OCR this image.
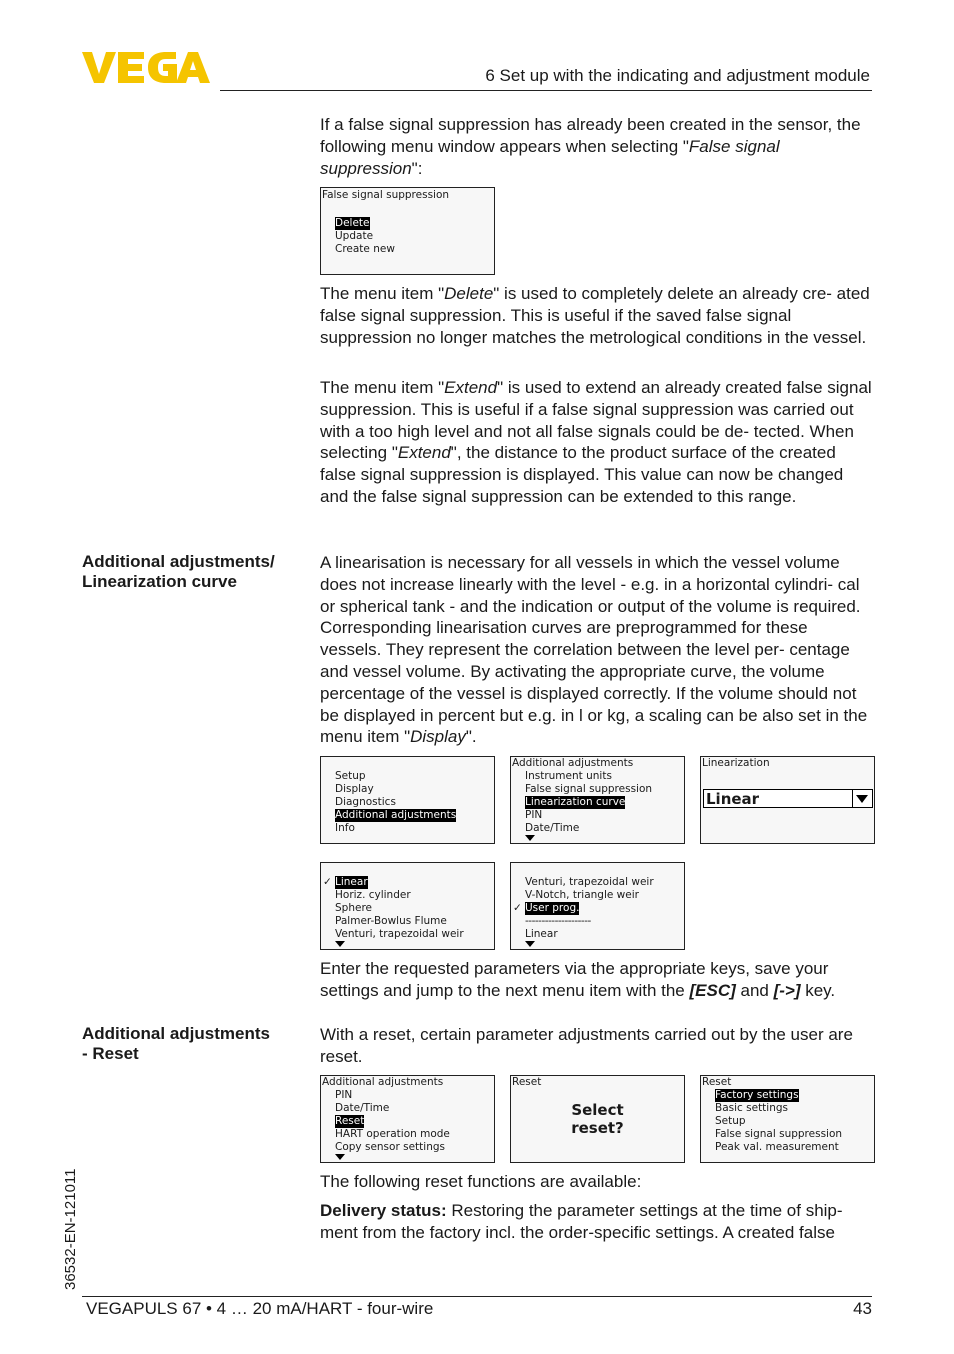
6 Set up with the indicating and adjustment module

If a false signal suppression has already been created in the sensor, the following menu window appears when selecting "False signal suppression":

False signal suppression
Delete
Update
Create new

The menu item "Delete" is used to completely delete an already cre- ated false signal suppression. This is useful if the saved false signal suppression no longer matches the metrological conditions in the vessel.

The menu item "Extend" is used to extend an already created false signal suppression. This is useful if a false signal suppression was carried out with a too high level and not all false signals could be de- tected. When selecting "Extend", the distance to the product surface of the created false signal suppression is displayed. This value can now be changed and the false signal suppression can be extended to this range.

Additional adjustments/
Linearization curve

A linearisation is necessary for all vessels in which the vessel volume does not increase linearly with the level - e.g. in a horizontal cylindri- cal or spherical tank - and the indication or output of the volume is required. Corresponding linearisation curves are preprogrammed for these vessels. They represent the correlation between the level per- centage and vessel volume. By activating the appropriate curve, the volume percentage of the vessel is displayed correctly. If the volume should not be displayed in percent but e.g. in l or kg, a scaling can be also set in the menu item "Display".

Setup
Display
Diagnostics
Additional adjustments
Info
Additional adjustments
Instrument units
False signal suppression
Linearization curve
PIN
Date/Time
Linearization
Linear
✓ Linear
Horiz. cylinder
Sphere
Palmer-Bowlus Flume
Venturi, trapezoidal weir
Venturi, trapezoidal weir
V-Notch, triangle weir
✓ User prog.
--------------------
Linear

Enter the requested parameters via the appropriate keys, save your settings and jump to the next menu item with the [ESC] and [->] key.

Additional adjustments
- Reset

With a reset, certain parameter adjustments carried out by the user are reset.

Additional adjustments
PIN
Date/Time
Reset
HART operation mode
Copy sensor settings
Reset
Select
reset?
Reset
Factory settings
Basic settings
Setup
False signal suppression
Peak val. measurement

The following reset functions are available:

Delivery status: Restoring the parameter settings at the time of ship- ment from the factory incl. the order-specific settings. A created false

36532-EN-121011
VEGAPULS 67 • 4 … 20 mA/HART - four-wire	43
